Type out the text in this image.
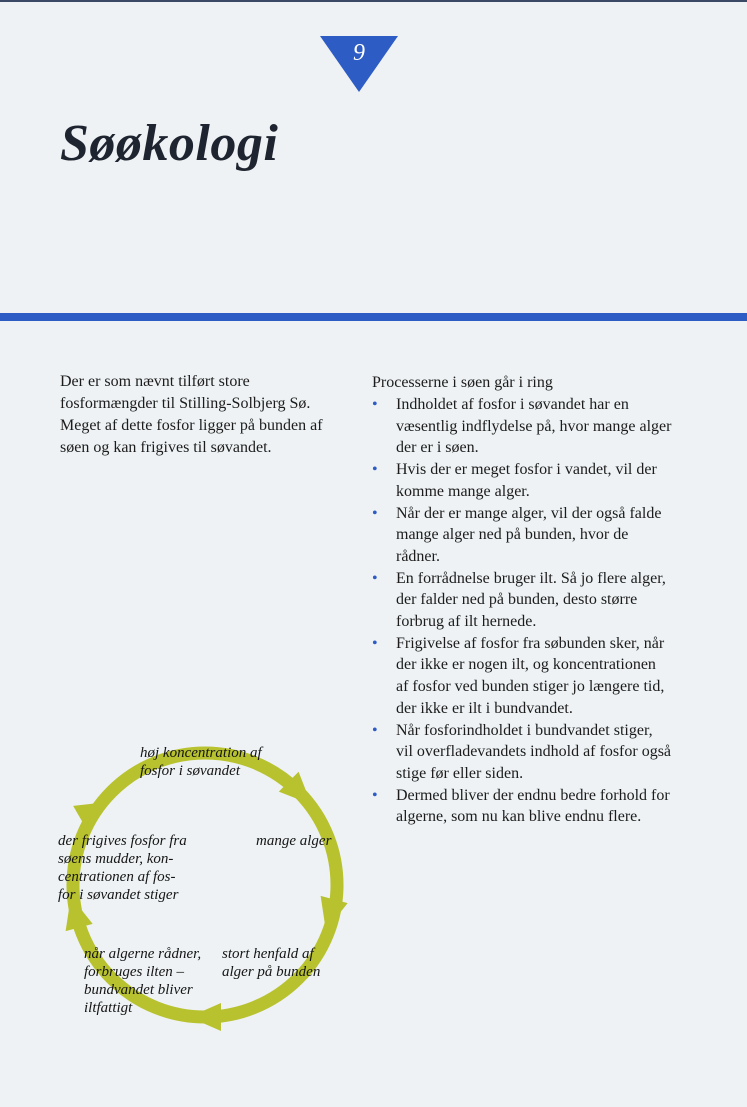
9
Søøkologi

Der er som nævnt tilført store fosformængder til Stilling-Solbjerg Sø. Meget af dette fosfor ligger på bunden af søen og kan frigives til søvandet.

Processerne i søen går i ring

• Indholdet af fosfor i søvandet har en væsentlig indflydelse på, hvor mange alger der er i søen.
• Hvis der er meget fosfor i vandet, vil der komme mange alger.
• Når der er mange alger, vil der også falde mange alger ned på bunden, hvor de rådner.
• En forrådnelse bruger ilt. Så jo flere alger, der falder ned på bunden, desto større forbrug af ilt hernede.
• Frigivelse af fosfor fra søbunden sker, når der ikke er nogen ilt, og koncentrationen af fosfor ved bunden stiger jo længere tid, der ikke er ilt i bundvandet.
• Når fosforindholdet i bundvandet stiger, vil overfladevandets indhold af fosfor også stige før eller siden.
• Dermed bliver der endnu bedre forhold for algerne, som nu kan blive endnu flere.
høj koncentration af
fosfor i søvandet
mange alger
stort henfald af
alger på bunden
når algerne rådner,
forbruges ilten –
bundvandet bliver
iltfattigt
der frigives fosfor fra
søens mudder, kon-
centrationen af fos-
for i søvandet stiger
